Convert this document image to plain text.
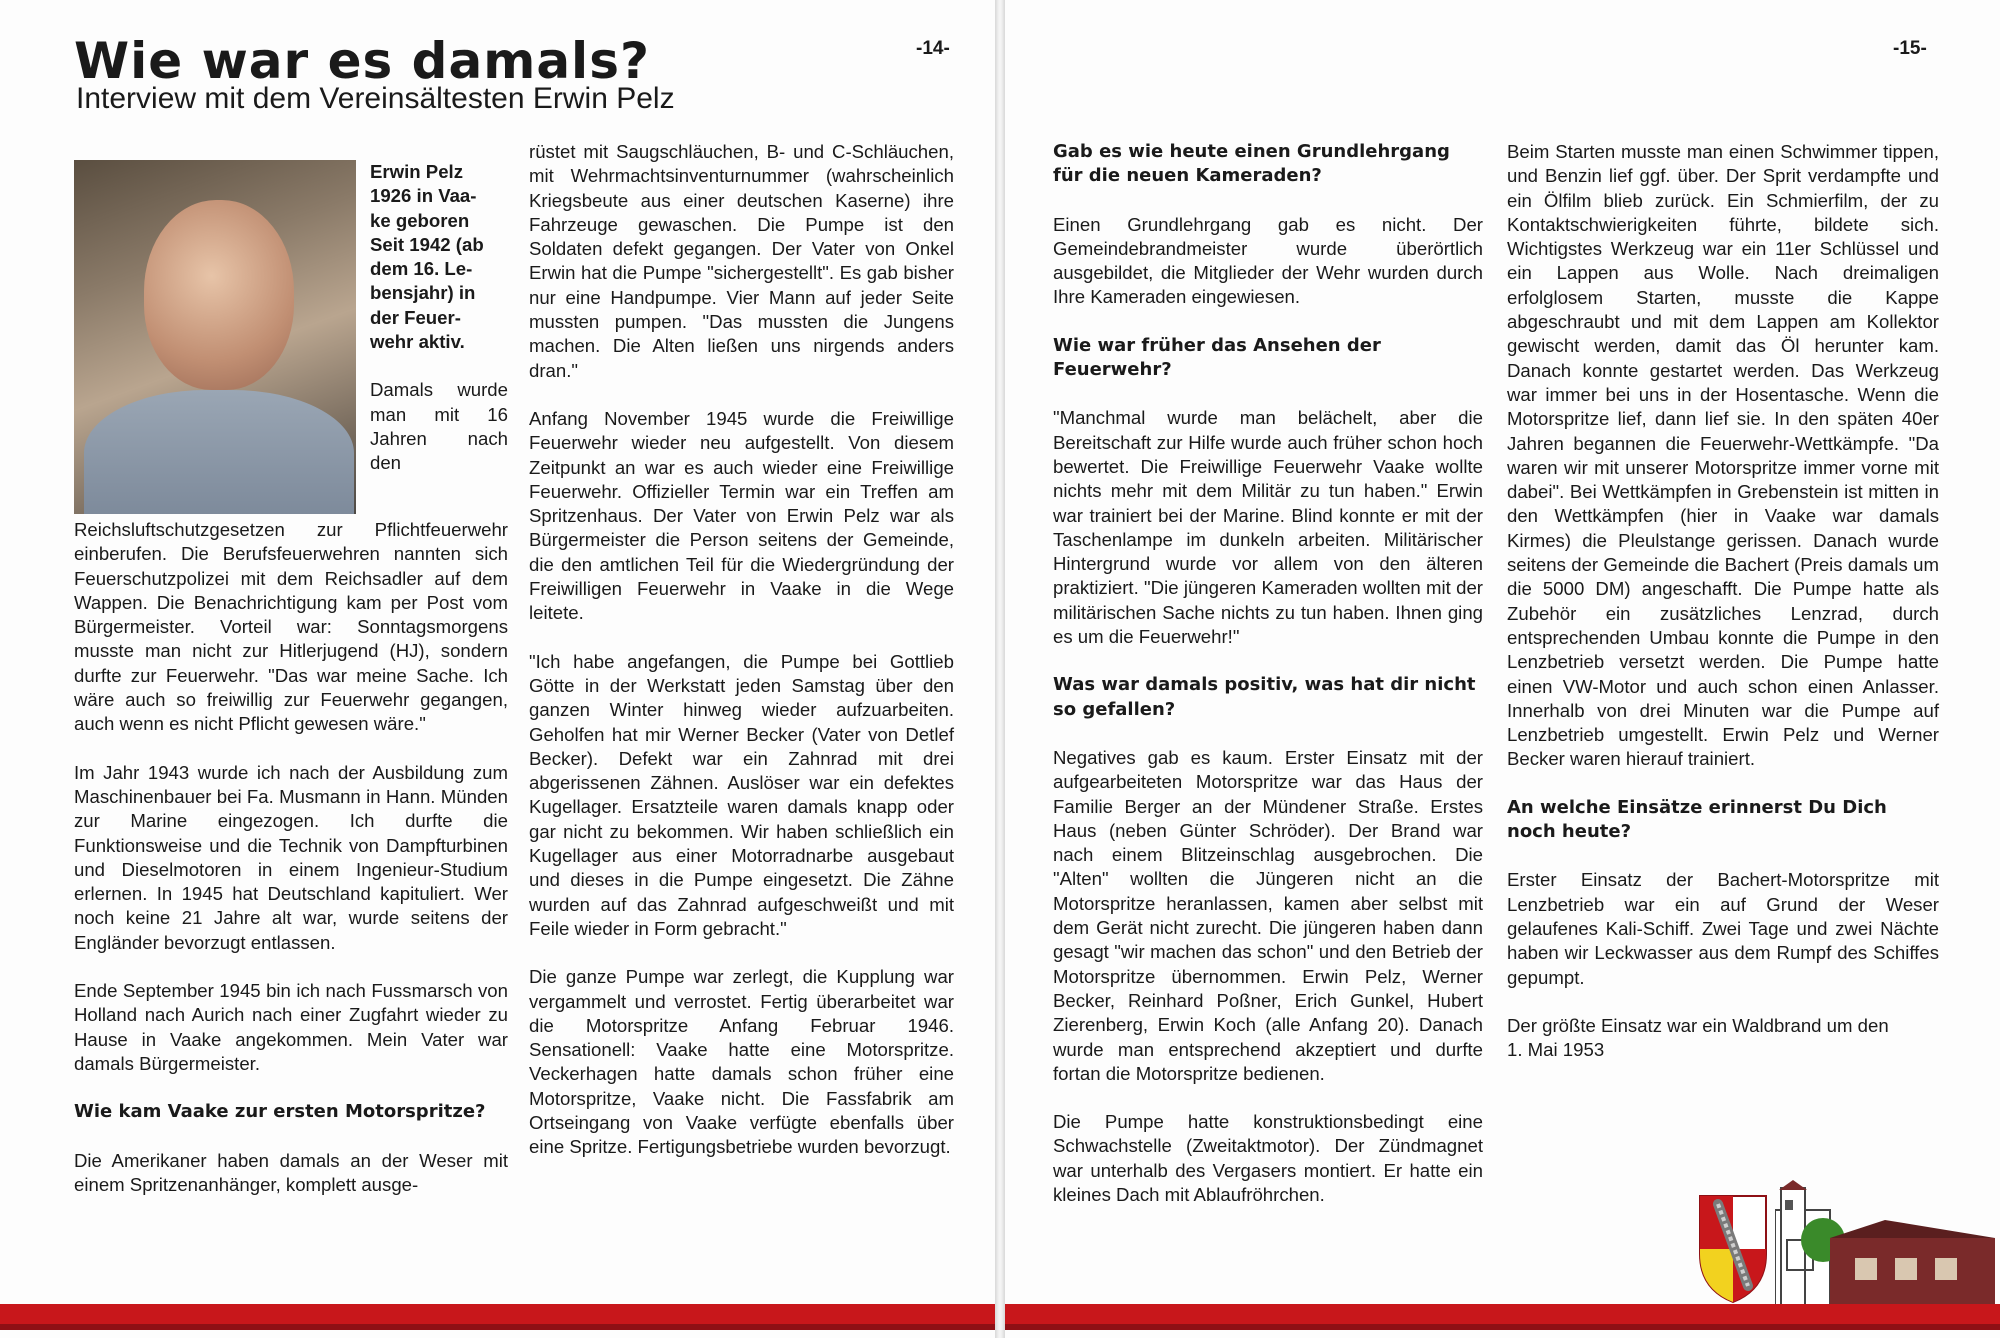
-14-
Wie war es damals?
Interview mit dem Vereinsältesten Erwin Pelz
Erwin Pelz
1926 in Vaa-
ke geboren
Seit 1942 (ab
dem 16. Le-
bensjahr) in
der Feuer-
wehr aktiv.

Damals wurde man mit 16 Jahren nach den Reichsluftschutzgesetzen zur Pflichtfeuerwehr einberufen. Die Berufsfeuerwehren nannten sich Feuerschutzpolizei mit dem Reichsadler auf dem Wappen. Die Benachrichtigung kam per Post vom Bürgermeister. Vorteil war: Sonntagsmorgens musste man nicht zur Hitlerjugend (HJ), sondern durfte zur Feuerwehr. "Das war meine Sache. Ich wäre auch so freiwillig zur Feuerwehr gegangen, auch wenn es nicht Pflicht gewesen wäre."

Im Jahr 1943 wurde ich nach der Ausbildung zum Maschinenbauer bei Fa. Musmann in Hann. Münden zur Marine eingezogen. Ich durfte die Funktionsweise und die Technik von Dampfturbinen und Dieselmotoren in einem Ingenieur-Studium erlernen. In 1945 hat Deutschland kapituliert. Wer noch keine 21 Jahre alt war, wurde seitens der Engländer bevorzugt entlassen.

Ende September 1945 bin ich nach Fussmarsch von Holland nach Aurich nach einer Zugfahrt wieder zu Hause in Vaake angekommen. Mein Vater war damals Bürgermeister.

Wie kam Vaake zur ersten Motorspritze?

Die Amerikaner haben damals an der Weser mit einem Spritzenanhänger, komplett ausge-

rüstet mit Saugschläuchen, B- und C-Schläuchen, mit Wehrmachtsinventurnummer (wahrscheinlich Kriegsbeute aus einer deutschen Kaserne) ihre Fahrzeuge gewaschen. Die Pumpe ist den Soldaten defekt gegangen. Der Vater von Onkel Erwin hat die Pumpe "sichergestellt". Es gab bisher nur eine Handpumpe. Vier Mann auf jeder Seite mussten pumpen. "Das mussten die Jungens machen. Die Alten ließen uns nirgends anders dran."

Anfang November 1945 wurde die Freiwillige Feuerwehr wieder neu aufgestellt. Von diesem Zeitpunkt an war es auch wieder eine Freiwillige Feuerwehr. Offizieller Termin war ein Treffen am Spritzenhaus. Der Vater von Erwin Pelz war als Bürgermeister die Person seitens der Gemeinde, die den amtlichen Teil für die Wiedergründung der Freiwilligen Feuerwehr in Vaake in die Wege leitete.

"Ich habe angefangen, die Pumpe bei Gottlieb Götte in der Werkstatt jeden Samstag über den ganzen Winter hinweg wieder aufzuarbeiten. Geholfen hat mir Werner Becker (Vater von Detlef Becker). Defekt war ein Zahnrad mit drei abgerissenen Zähnen. Auslöser war ein defektes Kugellager. Ersatzteile waren damals knapp oder gar nicht zu bekommen. Wir haben schließlich ein Kugellager aus einer Motorradnarbe ausgebaut und dieses in die Pumpe eingesetzt. Die Zähne wurden auf das Zahnrad aufgeschweißt und mit Feile wieder in Form gebracht."

Die ganze Pumpe war zerlegt, die Kupplung war vergammelt und verrostet. Fertig überarbeitet war die Motorspritze Anfang Februar 1946. Sensationell: Vaake hatte eine Motorspritze. Veckerhagen hatte damals schon früher eine Motorspritze, Vaake nicht. Die Fassfabrik am Ortseingang von Vaake verfügte ebenfalls über eine Spritze. Fertigungsbetriebe wurden bevorzugt.

-15-
Gab es wie heute einen Grundlehrgang für die neuen Kameraden?

Einen Grundlehrgang gab es nicht. Der Gemeindebrandmeister wurde überörtlich ausgebildet, die Mitglieder der Wehr wurden durch Ihre Kameraden eingewiesen.

Wie war früher das Ansehen der Feuerwehr?

"Manchmal wurde man belächelt, aber die Bereitschaft zur Hilfe wurde auch früher schon hoch bewertet. Die Freiwillige Feuerwehr Vaake wollte nichts mehr mit dem Militär zu tun haben." Erwin war trainiert bei der Marine. Blind konnte er mit der Taschenlampe im dunkeln arbeiten. Militärischer Hintergrund wurde vor allem von den älteren praktiziert. "Die jüngeren Kameraden wollten mit der militärischen Sache nichts zu tun haben. Ihnen ging es um die Feuerwehr!"

Was war damals positiv, was hat dir nicht so gefallen?

Negatives gab es kaum. Erster Einsatz mit der aufgearbeiteten Motorspritze war das Haus der Familie Berger an der Mündener Straße. Erstes Haus (neben Günter Schröder). Der Brand war nach einem Blitzeinschlag ausgebrochen. Die "Alten" wollten die Jüngeren nicht an die Motorspritze heranlassen, kamen aber selbst mit dem Gerät nicht zurecht. Die jüngeren haben dann gesagt "wir machen das schon" und den Betrieb der Motorspritze übernommen. Erwin Pelz, Werner Becker, Reinhard Poßner, Erich Gunkel, Hubert Zierenberg, Erwin Koch (alle Anfang 20). Danach wurde man entsprechend akzeptiert und durfte fortan die Motorspritze bedienen.

Die Pumpe hatte konstruktionsbedingt eine Schwachstelle (Zweitaktmotor). Der Zündmagnet war unterhalb des Vergasers montiert. Er hatte ein kleines Dach mit Ablaufröhrchen.

Beim Starten musste man einen Schwimmer tippen, und Benzin lief ggf. über. Der Sprit verdampfte und ein Ölfilm blieb zurück. Ein Schmierfilm, der zu Kontaktschwierigkeiten führte, bildete sich. Wichtigstes Werkzeug war ein 11er Schlüssel und ein Lappen aus Wolle. Nach dreimaligen erfolglosem Starten, musste die Kappe abgeschraubt und mit dem Lappen am Kollektor gewischt werden, damit das Öl herunter kam. Danach konnte gestartet werden. Das Werkzeug war immer bei uns in der Hosentasche. Wenn die Motorspritze lief, dann lief sie. In den späten 40er Jahren begannen die Feuerwehr-Wettkämpfe. "Da waren wir mit unserer Motorspritze immer vorne mit dabei". Bei Wettkämpfen in Grebenstein ist mitten in den Wettkämpfen (hier in Vaake war damals Kirmes) die Pleulstange gerissen. Danach wurde seitens der Gemeinde die Bachert (Preis damals um die 5000 DM) angeschafft. Die Pumpe hatte als Zubehör ein zusätzliches Lenzrad, durch entsprechenden Umbau konnte die Pumpe in den Lenzbetrieb versetzt werden. Die Pumpe hatte einen VW-Motor und auch schon einen Anlasser. Innerhalb von drei Minuten war die Pumpe auf Lenzbetrieb umgestellt. Erwin Pelz und Werner Becker waren hierauf trainiert.

An welche Einsätze erinnerst Du Dich noch heute?

Erster Einsatz der Bachert-Motorspritze mit Lenzbetrieb war ein auf Grund der Weser gelaufenes Kali-Schiff. Zwei Tage und zwei Nächte haben wir Leckwasser aus dem Rumpf des Schiffes gepumpt.

Der größte Einsatz war ein Waldbrand um den

1. Mai 1953
